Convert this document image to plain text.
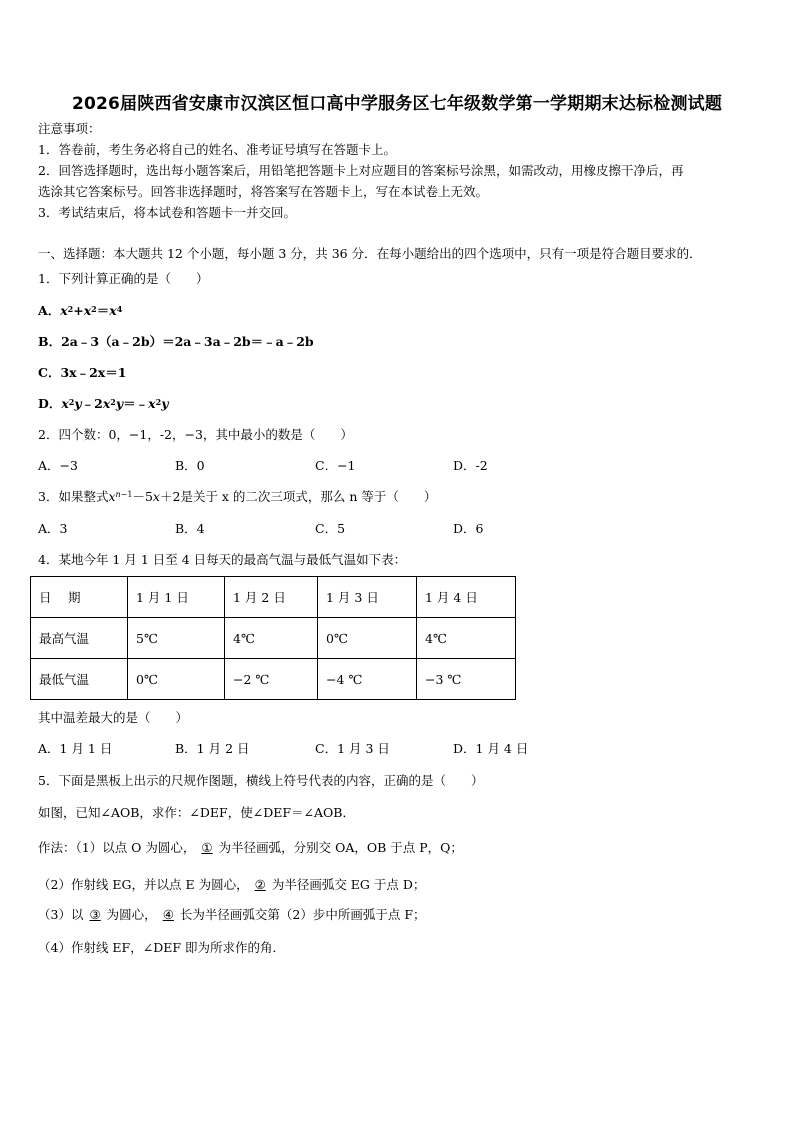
2026届陕西省安康市汉滨区恒口高中学服务区七年级数学第一学期期末达标检测试题
注意事项：
1．答卷前，考生务必将自己的姓名、准考证号填写在答题卡上。
2．回答选择题时，选出每小题答案后，用铅笔把答题卡上对应题目的答案标号涂黑，如需改动，用橡皮擦干净后，再
选涂其它答案标号。回答非选择题时，将答案写在答题卡上，写在本试卷上无效。
3．考试结束后，将本试卷和答题卡一并交回。
一、选择题：本大题共 12 个小题，每小题 3 分，共 36 分．在每小题给出的四个选项中，只有一项是符合题目要求的．
1．下列计算正确的是（　　）
A．$x^2+x^2=x^4$
B．2a﹣3（a﹣2b）＝2a﹣3a﹣2b＝﹣a﹣2b
C．3x﹣2x＝1
D．$x^2y﹣2x^2y=﹣x^2y$
2．四个数：0，−1，-2，−3，其中最小的数是（　　）
A．−3	B．0	C．−1	D．-2
3．如果整式$x^{n-1}-5x+2$是关于 x 的二次三项式，那么 n 等于（　　）
A．3	B．4	C．5	D．6
4．某地今年 1 月 1 日至 4 日每天的最高气温与最低气温如下表：
日　 期	1 月 1 日	1 月 2 日	1 月 3 日	1 月 4 日
最高气温	5℃	4℃	0℃	4℃
最低气温	0℃	−2 ℃	−4 ℃	−3 ℃
其中温差最大的是（　　）
A．1 月 1 日	B．1 月 2 日	C．1 月 3 日	D．1 月 4 日
5．下面是黑板上出示的尺规作图题，横线上符号代表的内容，正确的是（　　）
如图，已知∠AOB，求作：∠DEF，使∠DEF＝∠AOB．
作法：（1）以点 O 为圆心， ① 为半径画弧，分别交 OA，OB 于点 P，Q；
（2）作射线 EG，并以点 E 为圆心， ② 为半径画弧交 EG 于点 D；
（3）以 ③ 为圆心， ④ 长为半径画弧交第（2）步中所画弧于点 F；
（4）作射线 EF，∠DEF 即为所求作的角．
